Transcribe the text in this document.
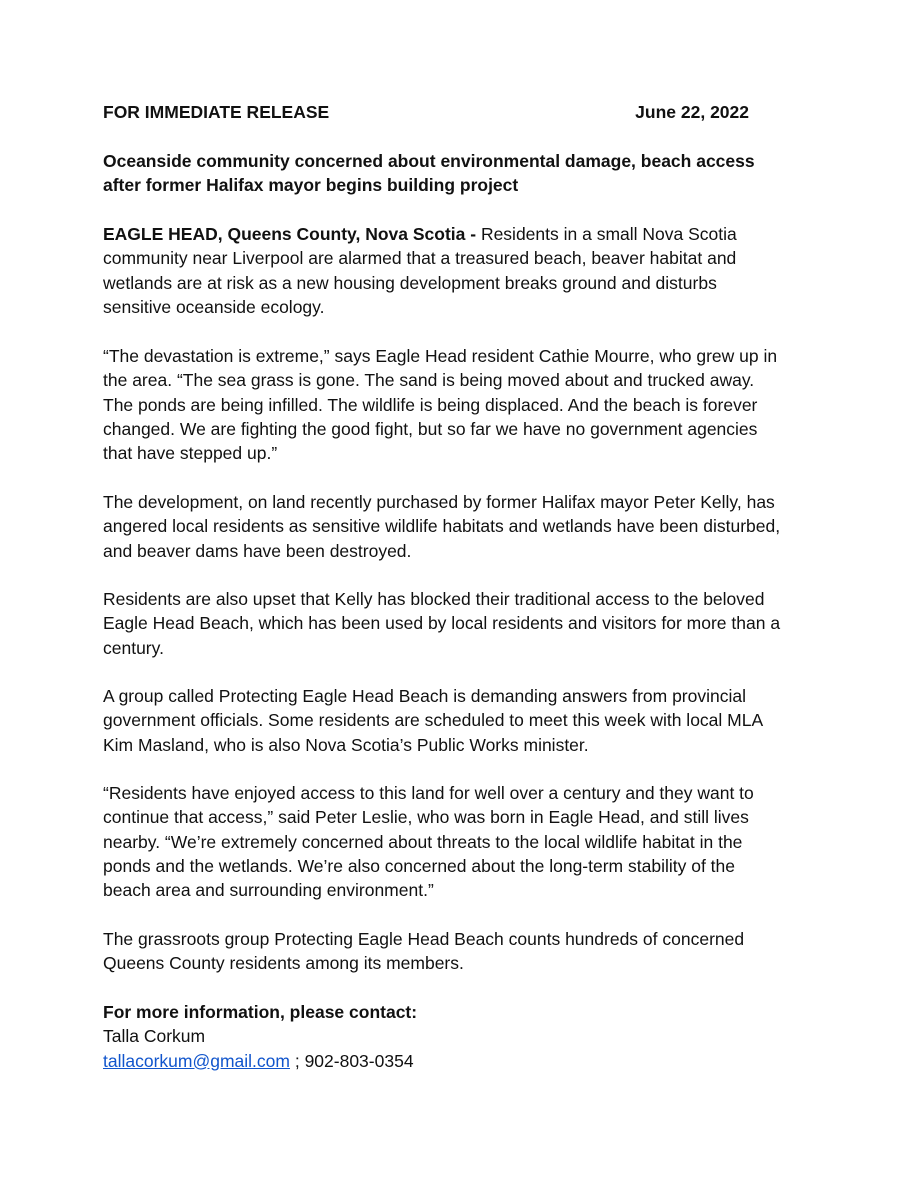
FOR IMMEDIATE RELEASE	June 22, 2022
Oceanside community concerned about environmental damage, beach access
after former Halifax mayor begins building project

EAGLE HEAD, Queens County, Nova Scotia - Residents in a small Nova Scotia
community near Liverpool are alarmed that a treasured beach, beaver habitat and
wetlands are at risk as a new housing development breaks ground and disturbs
sensitive oceanside ecology.

“The devastation is extreme,” says Eagle Head resident Cathie Mourre, who grew up in
the area. “The sea grass is gone. The sand is being moved about and trucked away.
The ponds are being infilled. The wildlife is being displaced. And the beach is forever
changed. We are fighting the good fight, but so far we have no government agencies
that have stepped up.”

The development, on land recently purchased by former Halifax mayor Peter Kelly, has
angered local residents as sensitive wildlife habitats and wetlands have been disturbed,
and beaver dams have been destroyed.

Residents are also upset that Kelly has blocked their traditional access to the beloved
Eagle Head Beach, which has been used by local residents and visitors for more than a
century.

A group called Protecting Eagle Head Beach is demanding answers from provincial
government officials. Some residents are scheduled to meet this week with local MLA
Kim Masland, who is also Nova Scotia’s Public Works minister.

“Residents have enjoyed access to this land for well over a century and they want to
continue that access,” said Peter Leslie, who was born in Eagle Head, and still lives
nearby. “We’re extremely concerned about threats to the local wildlife habitat in the
ponds and the wetlands. We’re also concerned about the long-term stability of the
beach area and surrounding environment.”

The grassroots group Protecting Eagle Head Beach counts hundreds of concerned
Queens County residents among its members.

For more information, please contact:
Talla Corkum
tallacorkum@gmail.com ; 902-803-0354
